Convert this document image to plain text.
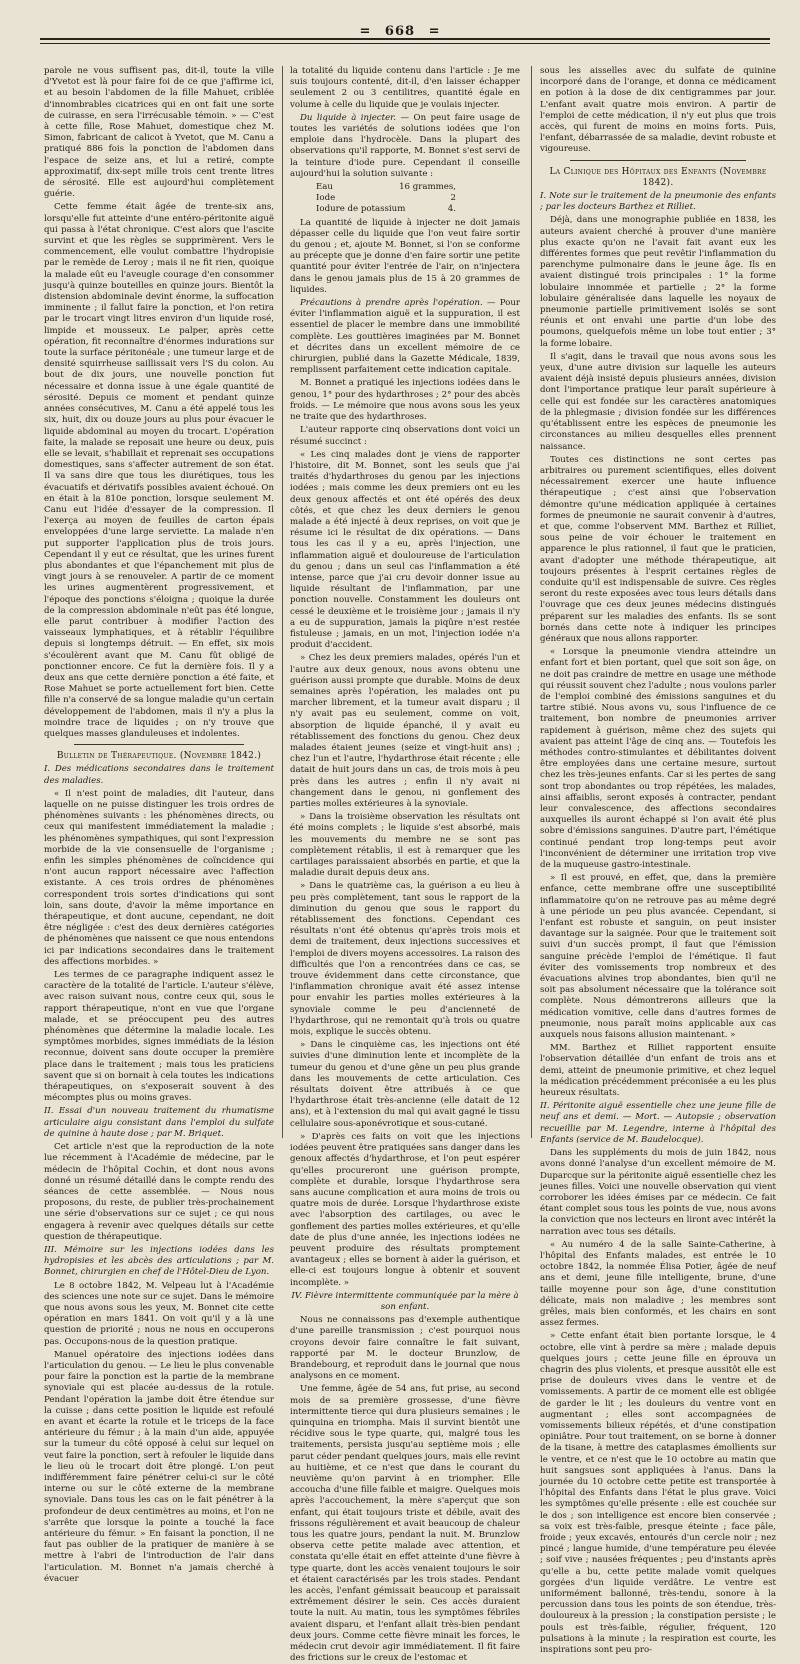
= 668 =

parole ne vous suffisent pas, dit-il, toute la ville d'Yvetot est là pour faire foi de ce que j'affirme ici, et au besoin l'abdomen de la fille Mahuet, criblée d'innombrables cicatrices qui en ont fait une sorte de cuirasse, en sera l'irrécusable témoin. » — C'est à cette fille, Rose Mahuet, domestique chez M. Simon, fabricant de calicot à Yvetot, que M. Canu a pratiqué 886 fois la ponction de l'abdomen dans l'espace de seize ans, et lui a retiré, compte approximatif, dix-sept mille trois cent trente litres de sérosité. Elle est aujourd'hui complètement guérie.

Cette femme était âgée de trente-six ans, lorsqu'elle fut atteinte d'une entéro-péritonite aiguë qui passa à l'état chronique. C'est alors que l'ascite survint et que les règles se supprimèrent. Vers le commencement, elle voulut combattre l'hydropisie par le remède de Leroy ; mais il ne fit rien, quoique la malade eût eu l'aveugle courage d'en consommer jusqu'à quinze bouteilles en quinze jours. Bientôt la distension abdominale devint énorme, la suffocation imminente ; il fallut faire la ponction, et l'on retira par le trocart vingt litres environ d'un liquide rosé, limpide et mousseux. Le palper, après cette opération, fit reconnaître d'énormes indurations sur toute la surface péritonéale ; une tumeur large et de densité squirrheuse saillissait vers l'S du colon. Au bout de dix jours, une nouvelle ponction fut nécessaire et donna issue à une égale quantité de sérosité. Depuis ce moment et pendant quinze années consécutives, M. Canu a été appelé tous les six, huit, dix ou douze jours au plus pour évacuer le liquide abdominal au moyen du trocart. L'opération faite, la malade se reposait une heure ou deux, puis elle se levait, s'habillait et reprenait ses occupations domestiques, sans s'affecter autrement de son état. Il va sans dire que tous les diurétiques, tous les évacuatifs et dérivatifs possibles avaient échoué. On en était à la 810e ponction, lorsque seulement M. Canu eut l'idée d'essayer de la compression. Il l'exerça au moyen de feuilles de carton épais enveloppées d'une large serviette. La malade n'en put supporter l'application plus de trois jours. Cependant il y eut ce résultat, que les urines furent plus abondantes et que l'épanchement mit plus de vingt jours à se renouveler. A partir de ce moment les urines augmentèrent progressivement, et l'époque des ponctions s'éloigna ; quoique la durée de la compression abdominale n'eût pas été longue, elle parut contribuer à modifier l'action des vaisseaux lymphatiques, et à rétablir l'équilibre depuis si longtemps détruit. — En effet, six mois s'écoulèrent avant que M. Canu fût obligé de ponctionner encore. Ce fut la dernière fois. Il y a deux ans que cette dernière ponction a été faite, et Rose Mahuet se porte actuellement fort bien. Cette fille n'a conservé de sa longue maladie qu'un certain développement de l'abdomen, mais il n'y a plus la moindre trace de liquides ; on n'y trouve que quelques masses glanduleuses et indolentes.

Bulletin de Thérapeutique. (Novembre 1842.)

I. Des médications secondaires dans le traitement des maladies.

« Il n'est point de maladies, dit l'auteur, dans laquelle on ne puisse distinguer les trois ordres de phénomènes suivants : les phénomènes directs, ou ceux qui manifestent immédiatement la maladie ; les phénomènes sympathiques, qui sont l'expression morbide de la vie consensuelle de l'organisme ; enfin les simples phénomènes de coïncidence qui n'ont aucun rapport nécessaire avec l'affection existante. A ces trois ordres de phénomènes correspondent trois sortes d'indications qui sont loin, sans doute, d'avoir la même importance en thérapeutique, et dont aucune, cependant, ne doit être négligée : c'est des deux dernières catégories de phénomènes que naissent ce que nous entendons ici par indications secondaires dans le traitement des affections morbides. »

Les termes de ce paragraphe indiquent assez le caractère de la totalité de l'article. L'auteur s'élève, avec raison suivant nous, contre ceux qui, sous le rapport thérapeutique, n'ont en vue que l'organe malade, et se préoccupent peu des autres phénomènes que détermine la maladie locale. Les symptômes morbides, signes immédiats de la lésion reconnue, doivent sans doute occuper la première place dans le traitement ; mais tous les praticiens savent que si on bornait à cela toutes les indications thérapeutiques, on s'exposerait souvent à des mécomptes plus ou moins graves.

II. Essai d'un nouveau traitement du rhumatisme articulaire aigu consistant dans l'emploi du sulfate de quinine à haute dose ; par M. Briquet.

Cet article n'est que la reproduction de la note lue récemment à l'Académie de médecine, par le médecin de l'hôpital Cochin, et dont nous avons donné un résumé détaillé dans le compte rendu des séances de cette assemblée. — Nous nous proposons, du reste, de publier très-prochainement une série d'observations sur ce sujet ; ce qui nous engagera à revenir avec quelques détails sur cette question de thérapeutique.

III. Mémoire sur les injections iodées dans les hydropisies et les abcès des articulations ; par M. Bonnet, chirurgien en chef de l'Hôtel-Dieu de Lyon.

Le 8 octobre 1842, M. Velpeau lut à l'Académie des sciences une note sur ce sujet. Dans le mémoire que nous avons sous les yeux, M. Bonnet cite cette opération en mars 1841. On voit qu'il y a là une question de priorité ; nous ne nous en occuperons pas. Occupons-nous de la question pratique.

Manuel opératoire des injections iodées dans l'articulation du genou. — Le lieu le plus convenable pour faire la ponction est la partie de la membrane synoviale qui est placée au-dessus de la rotule. Pendant l'opération la jambe doit être étendue sur la cuisse ; dans cette position le liquide est refoulé en avant et écarte la rotule et le triceps de la face antérieure du fémur ; à la main d'un aide, appuyée sur la tumeur du côté opposé à celui sur lequel on veut faire la ponction, sert à refouler le liquide dans le lieu où le trocart doit être plongé. L'on peut indifféremment faire pénétrer celui-ci sur le côté interne ou sur le côté externe de la membrane synoviale. Dans tous les cas on le fait pénétrer à la profondeur de deux centimètres au moins, et l'on ne s'arrête que lorsque la pointe a touché la face antérieure du fémur. » En faisant la ponction, il ne faut pas oublier de la pratiquer de manière à se mettre à l'abri de l'introduction de l'air dans l'articulation. M. Bonnet n'a jamais cherché à évacuer

la totalité du liquide contenu dans l'article : Je me suis toujours contenté, dit-il, d'en laisser échapper seulement 2 ou 3 centilitres, quantité égale en volume à celle du liquide que je voulais injecter.

Du liquide à injecter. — On peut faire usage de toutes les variétés de solutions iodées que l'on emploie dans l'hydrocèle. Dans la plupart des observations qu'il rapporte, M. Bonnet s'est servi de la teinture d'iode pure. Cependant il conseille aujourd'hui la solution suivante :

Eau	16 grammes,
Iode	2
Iodure de potassium	4.

La quantité de liquide à injecter ne doit jamais dépasser celle du liquide que l'on veut faire sortir du genou ; et, ajoute M. Bonnet, si l'on se conforme au précepte que je donne d'en faire sortir une petite quantité pour éviter l'entrée de l'air, on n'injectera dans le genou jamais plus de 15 à 20 grammes de liquides.

Précautions à prendre après l'opération. — Pour éviter l'inflammation aiguë et la suppuration, il est essentiel de placer le membre dans une immobilité complète. Les gouttières imaginées par M. Bonnet et décrites dans un excellent mémoire de ce chirurgien, publié dans la Gazette Médicale, 1839, remplissent parfaitement cette indication capitale.

M. Bonnet a pratiqué les injections iodées dans le genou, 1° pour des hydarthroses ; 2° pour des abcès froids. — Le mémoire que nous avons sous les yeux ne traite que des hydarthroses.

L'auteur rapporte cinq observations dont voici un résumé succinct :

« Les cinq malades dont je viens de rapporter l'histoire, dit M. Bonnet, sont les seuls que j'ai traités d'hydarthroses du genou par les injections iodées ; mais comme les deux premiers ont eu les deux genoux affectés et ont été opérés des deux côtés, et que chez les deux derniers le genou malade a été injecté à deux reprises, on voit que je résume ici le résultat de dix opérations. — Dans tous les cas il y a eu, après l'injection, une inflammation aiguë et douloureuse de l'articulation du genou ; dans un seul cas l'inflammation a été intense, parce que j'ai cru devoir donner issue au liquide résultant de l'inflammation, par une ponction nouvelle. Constamment les douleurs ont cessé le deuxième et le troisième jour ; jamais il n'y a eu de suppuration, jamais la piqûre n'est restée fistuleuse ; jamais, en un mot, l'injection iodée n'a produit d'accident.

» Chez les deux premiers malades, opérés l'un et l'autre aux deux genoux, nous avons obtenu une guérison aussi prompte que durable. Moins de deux semaines après l'opération, les malades ont pu marcher librement, et la tumeur avait disparu ; il n'y avait pas eu seulement, comme on voit, absorption de liquide épanché, il y avait eu rétablissement des fonctions du genou. Chez deux malades étaient jeunes (seize et vingt-huit ans) ; chez l'un et l'autre, l'hydarthrose était récente ; elle datait de huit jours dans un cas, de trois mois à peu près dans les autres ; enfin il n'y avait ni changement dans le genou, ni gonflement des parties molles extérieures à la synoviale.

» Dans la troisième observation les résultats ont été moins complets ; le liquide s'est absorbé, mais les mouvements du membre ne se sont pas complètement rétablis, il est à remarquer que les cartilages paraissaient absorbés en partie, et que la maladie durait depuis deux ans.

» Dans le quatrième cas, la guérison a eu lieu à peu près complètement, tant sous le rapport de la diminution du genou que sous le rapport du rétablissement des fonctions. Cependant ces résultats n'ont été obtenus qu'après trois mois et demi de traitement, deux injections successives et l'emploi de divers moyens accessoires. La raison des difficultés que l'on a rencontrées dans ce cas, se trouve évidemment dans cette circonstance, que l'inflammation chronique avait été assez intense pour envahir les parties molles extérieures à la synoviale comme le peu d'ancienneté de l'hydarthrose, qui ne remontait qu'à trois ou quatre mois, explique le succès obtenu.

» Dans le cinquième cas, les injections ont été suivies d'une diminution lente et incomplète de la tumeur du genou et d'une gêne un peu plus grande dans les mouvements de cette articulation. Ces résultats doivent être attribués à ce que l'hydarthrose était très-ancienne (elle datait de 12 ans), et à l'extension du mal qui avait gagné le tissu cellulaire sous-aponévrotique et sous-cutané.

» D'après ces faits on voit que les injections iodées peuvent être pratiquées sans danger dans les genoux affectés d'hydarthrose, et l'on peut espérer qu'elles procureront une guérison prompte, complète et durable, lorsque l'hydarthrose sera sans aucune complication et aura moins de trois ou quatre mois de durée. Lorsque l'hydarthrose existe avec l'absorption des cartilages, ou avec le gonflement des parties molles extérieures, et qu'elle date de plus d'une année, les injections iodées ne peuvent produire des résultats promptement avantageux ; elles se bornent à aider la guérison, et elle-ci est toujours longue à obtenir et souvent incomplète. »

IV. Fièvre intermittente communiquée par la mère à son enfant.

Nous ne connaissons pas d'exemple authentique d'une pareille transmission ; c'est pourquoi nous croyons devoir faire connaître le fait suivant, rapporté par M. le docteur Brunzlow, de Brandebourg, et reproduit dans le journal que nous analysons en ce moment.

Une femme, âgée de 54 ans, fut prise, au second mois de sa première grossesse, d'une fièvre intermittente tierce qui dura plusieurs semaines ; le quinquina en triompha. Mais il survint bientôt une récidive sous le type quarte, qui, malgré tous les traitements, persista jusqu'au septième mois ; elle parut céder pendant quelques jours, mais elle revint au huitième, et ce n'est que dans le courant du neuvième qu'on parvint à en triompher. Elle accoucha d'une fille faible et maigre. Quelques mois après l'accouchement, la mère s'aperçut que son enfant, qui était toujours triste et débile, avait des frissons régulièrement et avait beaucoup de chaleur tous les quatre jours, pendant la nuit. M. Brunzlow observa cette petite malade avec attention, et constata qu'elle était en effet atteinte d'une fièvre à type quarte, dont les accès venaient toujours le soir et étaient caractérisés par les trois stades. Pendant les accès, l'enfant gémissait beaucoup et paraissait extrêmement désirer le sein. Ces accès duraient toute la nuit. Au matin, tous les symptômes fébriles avaient disparu, et l'enfant allait très-bien pendant deux jours. Comme cette fièvre minait les forces, le médecin crut devoir agir immédiatement. Il fit faire des frictions sur le creux de l'estomac et

sous les aisselles avec du sulfate de quinine incorporé dans de l'orange, et donna ce médicament en potion à la dose de dix centigrammes par jour. L'enfant avait quatre mois environ. A partir de l'emploi de cette médication, il n'y eut plus que trois accès, qui furent de moins en moins forts. Puis, l'enfant, débarrassée de sa maladie, devint robuste et vigoureuse.

La Clinique des Hôpitaux des Enfants (Novembre 1842).

I. Note sur le traitement de la pneumonie des enfants ; par les docteurs Barthez et Rilliet.

Déjà, dans une monographie publiée en 1838, les auteurs avaient cherché à prouver d'une manière plus exacte qu'on ne l'avait fait avant eux les différentes formes que peut revêtir l'inflammation du parenchyme pulmonaire dans le jeune âge. Ils en avaient distingué trois principales : 1° la forme lobulaire innommée et partielle ; 2° la forme lobulaire généralisée dans laquelle les noyaux de pneumonie partielle primitivement isolés se sont réunis et ont envahi une partie d'un lobe des poumons, quelquefois même un lobe tout entier ; 3° la forme lobaire.

Il s'agit, dans le travail que nous avons sous les yeux, d'une autre division sur laquelle les auteurs avaient déjà insisté depuis plusieurs années, division dont l'importance pratique leur paraît supérieure à celle qui est fondée sur les caractères anatomiques de la phlegmasie ; division fondée sur les différences qu'établissent entre les espèces de pneumonie les circonstances au milieu desquelles elles prennent naissance.

Toutes ces distinctions ne sont certes pas arbitraires ou purement scientifiques, elles doivent nécessairement exercer une haute influence thérapeutique ; c'est ainsi que l'observation démontre qu'une médication appliquée à certaines formes de pneumonie ne saurait convenir à d'autres, et que, comme l'observent MM. Barthez et Rilliet, sous peine de voir échouer le traitement en apparence le plus rationnel, il faut que le praticien, avant d'adopter une méthode thérapeutique, ait toujours présentes à l'esprit certaines règles de conduite qu'il est indispensable de suivre. Ces règles seront du reste exposées avec tous leurs détails dans l'ouvrage que ces deux jeunes médecins distingués préparent sur les maladies des enfants. Ils se sont bornés dans cette note à indiquer les principes généraux que nous allons rapporter.

« Lorsque la pneumonie viendra atteindre un enfant fort et bien portant, quel que soit son âge, on ne doit pas craindre de mettre en usage une méthode qui réussit souvent chez l'adulte ; nous voulons parler de l'emploi combiné des émissions sanguines et du tartre stibié. Nous avons vu, sous l'influence de ce traitement, bon nombre de pneumonies arriver rapidement à guérison, même chez des sujets qui avaient pas atteint l'âge de cinq ans. — Toutefois les méthodes contro-stimulantes et débilitantes doivent être employées dans une certaine mesure, surtout chez les très-jeunes enfants. Car si les pertes de sang sont trop abondantes ou trop répétées, les malades, ainsi affaiblis, seront exposés à contracter, pendant leur convalescence, des affections secondaires auxquelles ils auront échappé si l'on avait été plus sobre d'émissions sanguines. D'autre part, l'émétique continué pendant trop long-temps peut avoir l'inconvénient de déterminer une irritation trop vive de la muqueuse gastro-intestinale.

» Il est prouvé, en effet, que, dans la première enfance, cette membrane offre une susceptibilité inflammatoire qu'on ne retrouve pas au même degré à une période un peu plus avancée. Cependant, si l'enfant est robuste et sanguin, on peut insister davantage sur la saignée. Pour que le traitement soit suivi d'un succès prompt, il faut que l'émission sanguine précède l'emploi de l'émétique. Il faut éviter des vomissements trop nombreux et des évacuations alvines trop abondantes, bien qu'il ne soit pas absolument nécessaire que la tolérance soit complète. Nous démontrerons ailleurs que la médication vomitive, celle dans d'autres formes de pneumonie, nous paraît moins applicable aux cas auxquels nous faisons allusion maintenant. »

MM. Barthez et Rilliet rapportent ensuite l'observation détaillée d'un enfant de trois ans et demi, atteint de pneumonie primitive, et chez lequel la médication précédemment préconisée a eu les plus heureux résultats.

II. Péritonite aiguë essentielle chez une jeune fille de neuf ans et demi. — Mort. — Autopsie ; observation recueillie par M. Legendre, interne à l'hôpital des Enfants (service de M. Baudelocque).

Dans les suppléments du mois de juin 1842, nous avons donné l'analyse d'un excellent mémoire de M. Duparcque sur la péritonite aiguë essentielle chez les jeunes filles. Voici une nouvelle observation qui vient corroborer les idées émises par ce médecin. Ce fait étant complet sous tous les points de vue, nous avons la conviction que nos lecteurs en liront avec intérêt la narration avec tous ses détails.

« Au numéro 4 de la salle Sainte-Catherine, à l'hôpital des Enfants malades, est entrée le 10 octobre 1842, la nommée Élisa Potier, âgée de neuf ans et demi, jeune fille intelligente, brune, d'une taille moyenne pour son âge, d'une constitution délicate, mais non maladive ; les membres sont grêles, mais bien conformés, et les chairs en sont assez fermes.

» Cette enfant était bien portante lorsque, le 4 octobre, elle vint à perdre sa mère ; malade depuis quelques jours ; cette jeune fille en éprouva un chagrin des plus violents, et presque aussitôt elle est prise de douleurs vives dans le ventre et de vomissements. A partir de ce moment elle est obligée de garder le lit ; les douleurs du ventre vont en augmentant ; elles sont accompagnées de vomissements bilieux répétés, et d'une constipation opiniâtre. Pour tout traitement, on se borne à donner de la tisane, à mettre des cataplasmes émollients sur le ventre, et ce n'est que le 10 octobre au matin que huit sangsues sont appliquées à l'anus. Dans la journée du 10 octobre cette petite est transportée à l'hôpital des Enfants dans l'état le plus grave. Voici les symptômes qu'elle présente : elle est couchée sur le dos ; son intelligence est encore bien conservée ; sa voix est très-faible, presque éteinte ; face pâle, froide ; yeux excavés, entourés d'un cercle noir ; nez pincé ; langue humide, d'une température peu élevée ; soif vive ; nausées fréquentes ; peu d'instants après qu'elle a bu, cette petite malade vomit quelques gorgées d'un liquide verdâtre. Le ventre est uniformément ballonné, très-tendu, sonore à la percussion dans tous les points de son étendue, très-douloureux à la pression ; la constipation persiste ; le pouls est très-faible, régulier, fréquent, 120 pulsations à la minute ; la respiration est courte, les inspirations sont peu pro-
